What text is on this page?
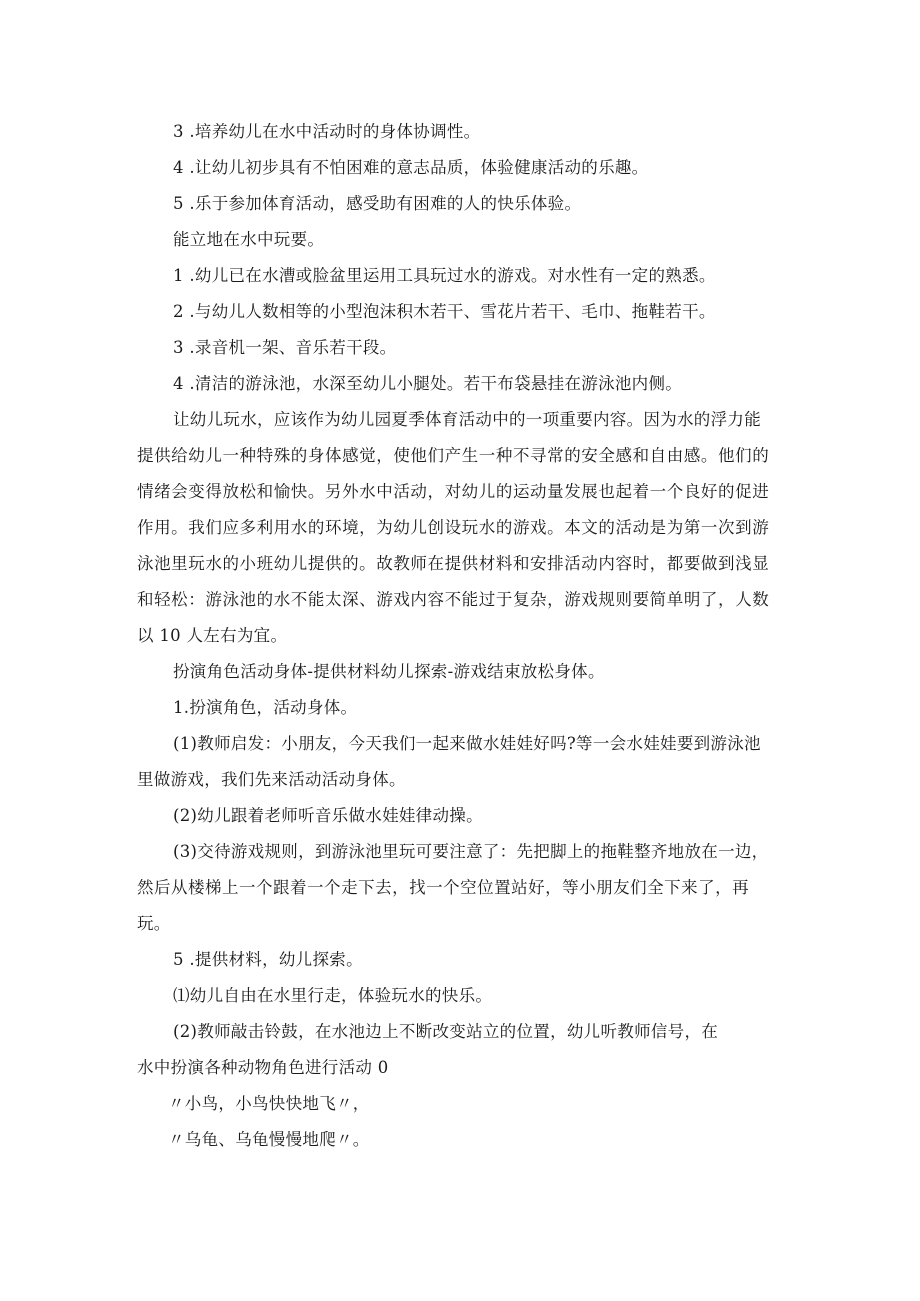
3 .培养幼儿在水中活动时的身体协调性。
4 .让幼儿初步具有不怕困难的意志品质，体验健康活动的乐趣。
5 .乐于参加体育活动，感受助有困难的人的快乐体验。
能立地在水中玩要。
1 .幼儿已在水漕或脸盆里运用工具玩过水的游戏。对水性有一定的熟悉。
2 .与幼儿人数相等的小型泡沫积木若干、雪花片若干、毛巾、拖鞋若干。
3 .录音机一架、音乐若干段。
4 .清洁的游泳池，水深至幼儿小腿处。若干布袋悬挂在游泳池内侧。
让幼儿玩水，应该作为幼儿园夏季体育活动中的一项重要内容。因为水的浮力能
提供给幼儿一种特殊的身体感觉，使他们产生一种不寻常的安全感和自由感。他们的
情绪会变得放松和愉快。另外水中活动，对幼儿的运动量发展也起着一个良好的促进
作用。我们应多利用水的环境，为幼儿创设玩水的游戏。本文的活动是为第一次到游
泳池里玩水的小班幼儿提供的。故教师在提供材料和安排活动内容时，都要做到浅显
和轻松：游泳池的水不能太深、游戏内容不能过于复杂，游戏规则要简单明了，人数
以 10 人左右为宜。
扮演角色活动身体-提供材料幼儿探索-游戏结束放松身体。
1.扮演角色，活动身体。
(1)教师启发：小朋友，今天我们一起来做水娃娃好吗?等一会水娃娃要到游泳池
里做游戏，我们先来活动活动身体。
(2)幼儿跟着老师听音乐做水娃娃律动操。
(3)交待游戏规则，到游泳池里玩可要注意了：先把脚上的拖鞋整齐地放在一边，
然后从楼梯上一个跟着一个走下去，找一个空位置站好，等小朋友们全下来了，再
玩。
5 .提供材料，幼儿探索。
⑴幼儿自由在水里行走，体验玩水的快乐。
(2)教师敲击铃鼓，在水池边上不断改变站立的位置，幼儿听教师信号，在
水中扮演各种动物角色进行活动 0
〃小鸟，小鸟快快地飞〃，
〃乌龟、乌龟慢慢地爬〃。
